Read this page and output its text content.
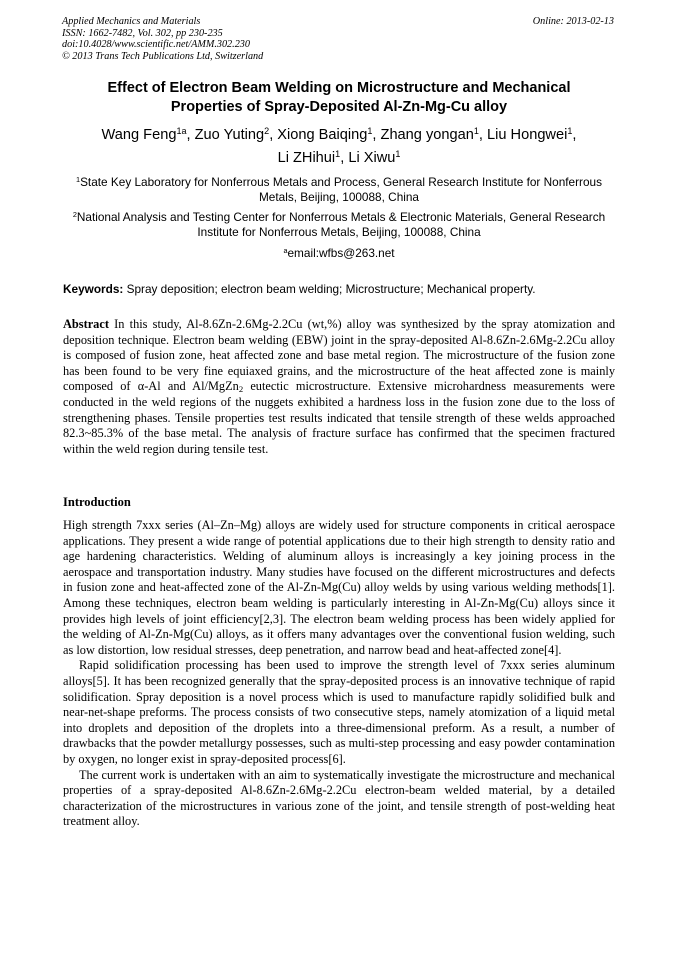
Applied Mechanics and Materials
ISSN: 1662-7482, Vol. 302, pp 230-235
doi:10.4028/www.scientific.net/AMM.302.230
© 2013 Trans Tech Publications Ltd, Switzerland
Online: 2013-02-13
Effect of Electron Beam Welding on Microstructure and Mechanical
Properties of Spray-Deposited Al-Zn-Mg-Cu alloy
Wang Feng$^{1a}$, Zuo Yuting$^2$, Xiong Baiqing$^1$, Zhang yongan$^1$, Liu Hongwei$^1$,
Li ZHihui$^1$, Li Xiwu$^1$
$^1$State Key Laboratory for Nonferrous Metals and Process, General Research Institute for Nonferrous Metals, Beijing, 100088, China
$^2$National Analysis and Testing Center for Nonferrous Metals & Electronic Materials, General Research Institute for Nonferrous Metals, Beijing, 100088, China
$^a$email:wfbs@263.net
Keywords: Spray deposition; electron beam welding; Microstructure; Mechanical property.
Abstract In this study, Al-8.6Zn-2.6Mg-2.2Cu (wt,%) alloy was synthesized by the spray atomization and deposition technique. Electron beam welding (EBW) joint in the spray-deposited Al-8.6Zn-2.6Mg-2.2Cu alloy is composed of fusion zone, heat affected zone and base metal region. The microstructure of the fusion zone has been found to be very fine equiaxed grains, and the microstructure of the heat affected zone is mainly composed of α-Al and Al/MgZn$_2$ eutectic microstructure. Extensive microhardness measurements were conducted in the weld regions of the nuggets exhibited a hardness loss in the fusion zone due to the loss of strengthening phases. Tensile properties test results indicated that tensile strength of these welds approached 82.3~85.3% of the base metal. The analysis of fracture surface has confirmed that the specimen fractured within the weld region during tensile test.
Introduction

High strength 7xxx series (Al–Zn–Mg) alloys are widely used for structure components in critical aerospace applications. They present a wide range of potential applications due to their high strength to density ratio and age hardening characteristics. Welding of aluminum alloys is increasingly a key joining process in the aerospace and transportation industry. Many studies have focused on the different microstructures and defects in fusion zone and heat-affected zone of the Al-Zn-Mg(Cu) alloy welds by using various welding methods[1]. Among these techniques, electron beam welding is particularly interesting in Al-Zn-Mg(Cu) alloys since it provides high levels of joint efficiency[2,3]. The electron beam welding process has been widely applied for the welding of Al-Zn-Mg(Cu) alloys, as it offers many advantages over the conventional fusion welding, such as low distortion, low residual stresses, deep penetration, and narrow bead and heat-affected zone[4].

Rapid solidification processing has been used to improve the strength level of 7xxx series aluminum alloys[5]. It has been recognized generally that the spray-deposited process is an innovative technique of rapid solidification. Spray deposition is a novel process which is used to manufacture rapidly solidified bulk and near-net-shape preforms. The process consists of two consecutive steps, namely atomization of a liquid metal into droplets and deposition of the droplets into a three-dimensional preform. As a result, a number of drawbacks that the powder metallurgy possesses, such as multi-step processing and easy powder contamination by oxygen, no longer exist in spray-deposited process[6].

The current work is undertaken with an aim to systematically investigate the microstructure and mechanical properties of a spray-deposited Al-8.6Zn-2.6Mg-2.2Cu electron-beam welded material, by a detailed characterization of the microstructures in various zone of the joint, and tensile strength of post-welding heat treatment alloy.
